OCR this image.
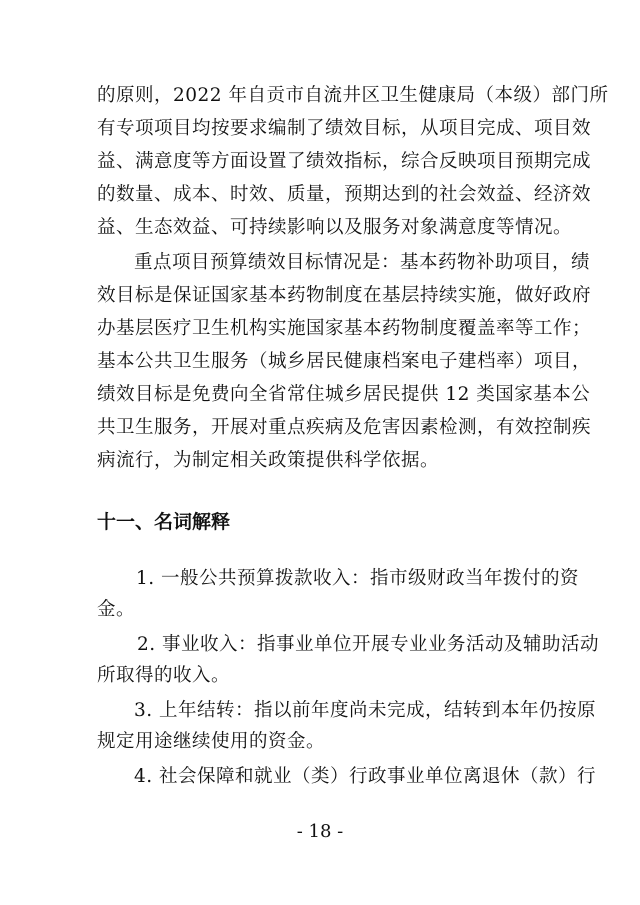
的原则，2022 年自贡市自流井区卫生健康局（本级）部门所
有专项项目均按要求编制了绩效目标，从项目完成、项目效
益、满意度等方面设置了绩效指标，综合反映项目预期完成
的数量、成本、时效、质量，预期达到的社会效益、经济效
益、生态效益、可持续影响以及服务对象满意度等情况。
重点项目预算绩效目标情况是：基本药物补助项目，绩
效目标是保证国家基本药物制度在基层持续实施，做好政府
办基层医疗卫生机构实施国家基本药物制度覆盖率等工作；
基本公共卫生服务（城乡居民健康档案电子建档率）项目，
绩效目标是免费向全省常住城乡居民提供 12 类国家基本公
共卫生服务，开展对重点疾病及危害因素检测，有效控制疾
病流行，为制定相关政策提供科学依据。
十一、名词解释
1. 一般公共预算拨款收入：指市级财政当年拨付的资
金。
2. 事业收入：指事业单位开展专业业务活动及辅助活动
所取得的收入。
3. 上年结转：指以前年度尚未完成，结转到本年仍按原
规定用途继续使用的资金。
4. 社会保障和就业（类）行政事业单位离退休（款）行
- 18 -
